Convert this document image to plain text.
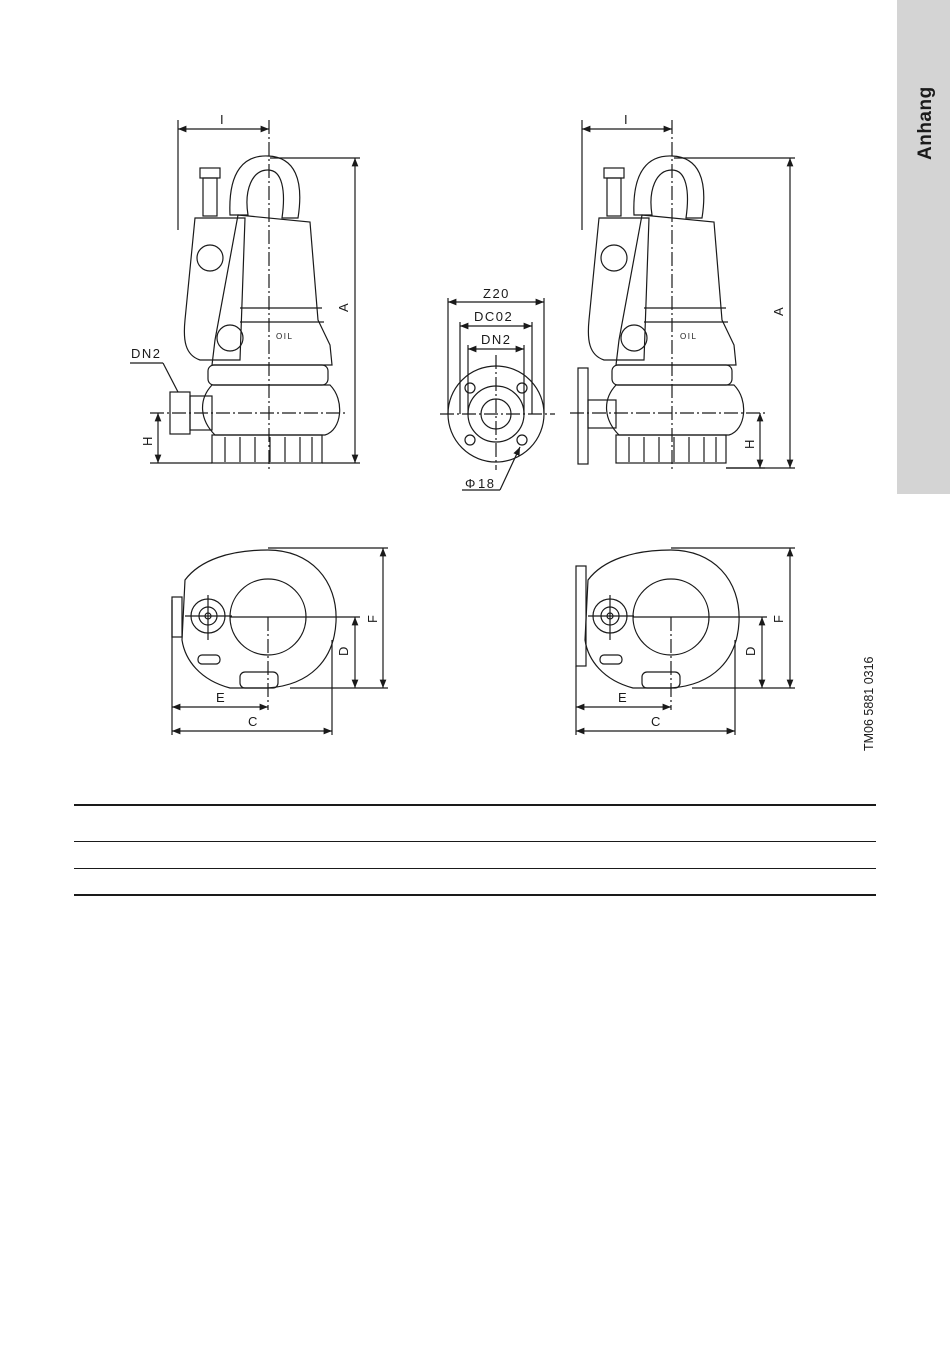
Anhang
TM06 5881 0316
I
A
H
DN2
OIL
Z20
DC02
DN2
Φ 18
I
A
H
OIL
C
E
F
D
C
E
F
D
